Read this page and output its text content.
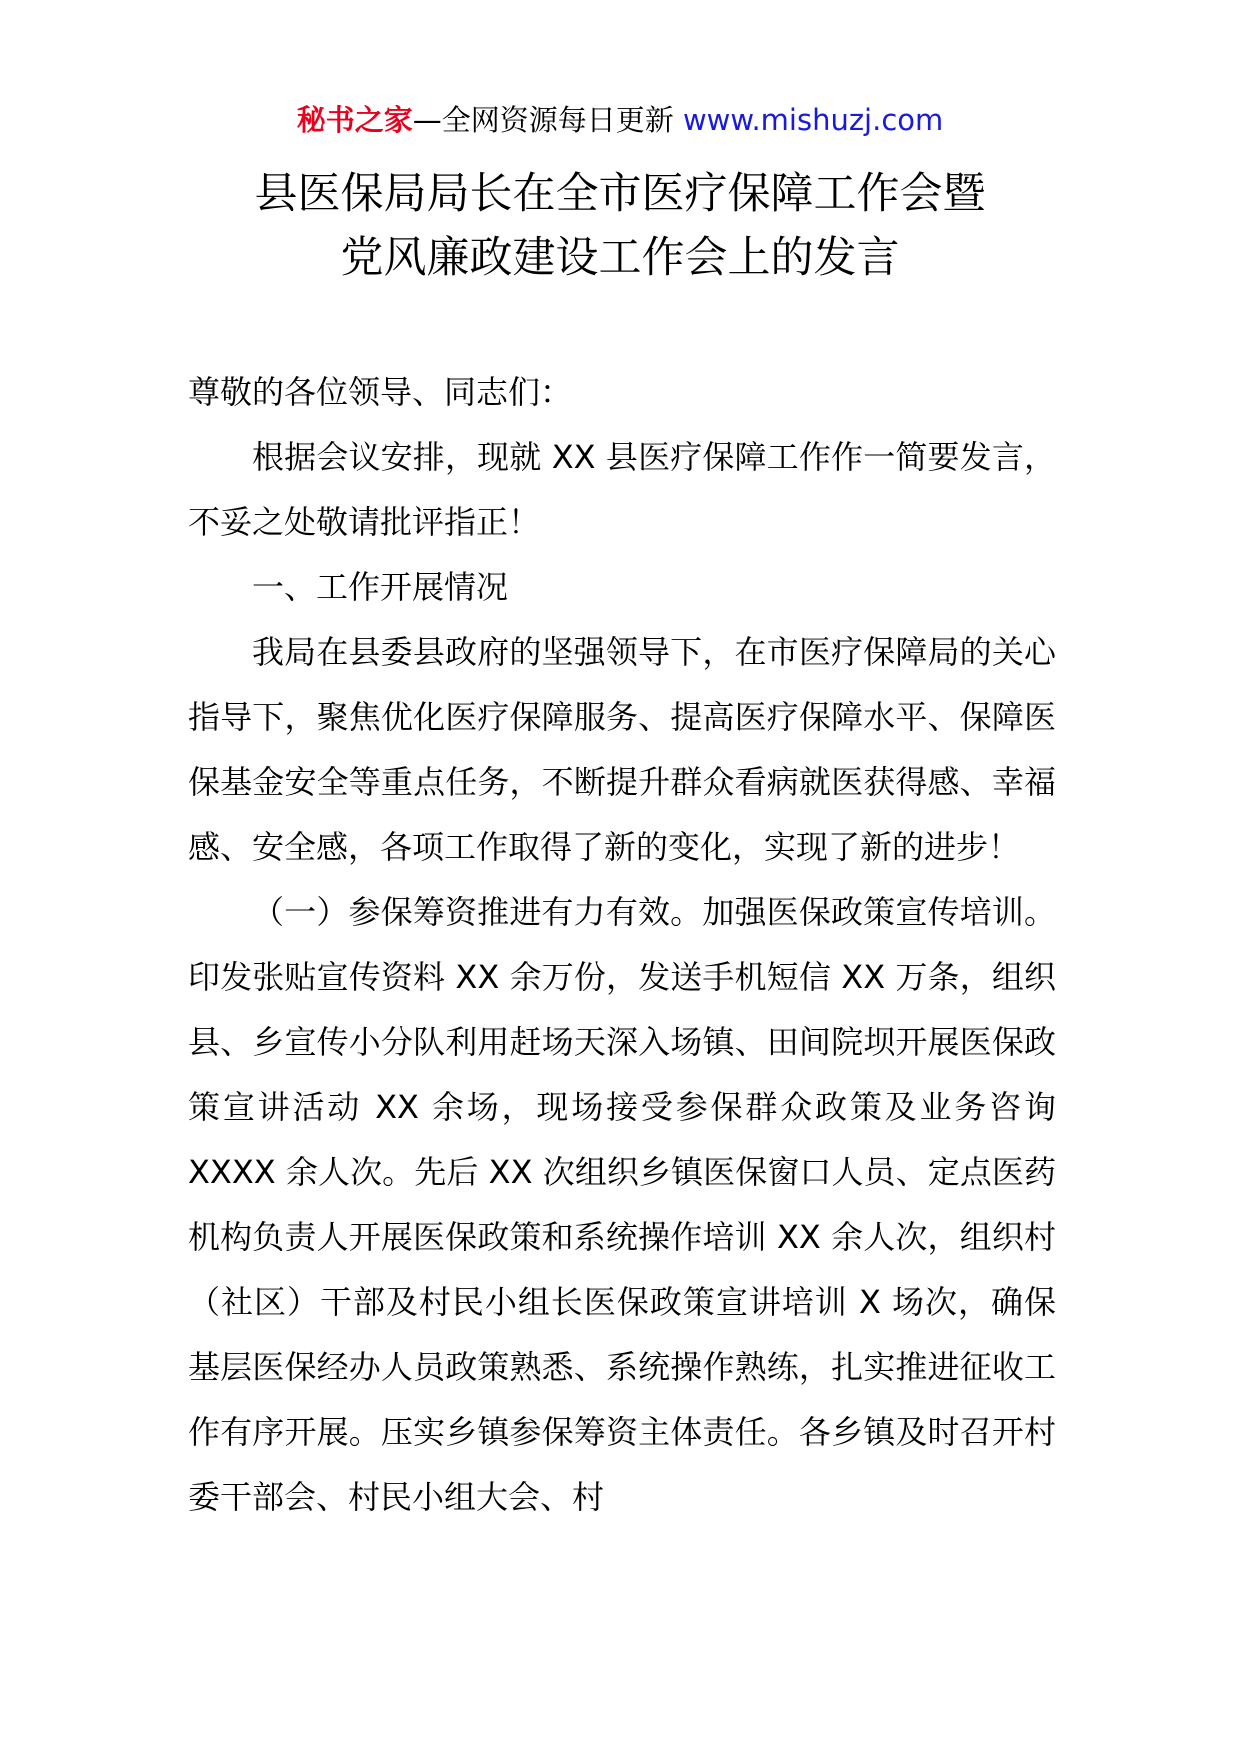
秘书之家—全网资源每日更新 www.mishuzj.com
县医保局局长在全市医疗保障工作会暨
党风廉政建设工作会上的发言

尊敬的各位领导、同志们：

根据会议安排，现就 XX 县医疗保障工作作一简要发言，不妥之处敬请批评指正！

一、工作开展情况

我局在县委县政府的坚强领导下，在市医疗保障局的关心指导下，聚焦优化医疗保障服务、提高医疗保障水平、保障医保基金安全等重点任务，不断提升群众看病就医获得感、幸福感、安全感，各项工作取得了新的变化，实现了新的进步！

（一）参保筹资推进有力有效。加强医保政策宣传培训。印发张贴宣传资料 XX 余万份，发送手机短信 XX 万条，组织县、乡宣传小分队利用赶场天深入场镇、田间院坝开展医保政策宣讲活动 XX 余场，现场接受参保群众政策及业务咨询 XXXX 余人次。先后 XX 次组织乡镇医保窗口人员、定点医药机构负责人开展医保政策和系统操作培训 XX 余人次，组织村（社区）干部及村民小组长医保政策宣讲培训 X 场次，确保基层医保经办人员政策熟悉、系统操作熟练，扎实推进征收工作有序开展。压实乡镇参保筹资主体责任。各乡镇及时召开村委干部会、村民小组大会、村
